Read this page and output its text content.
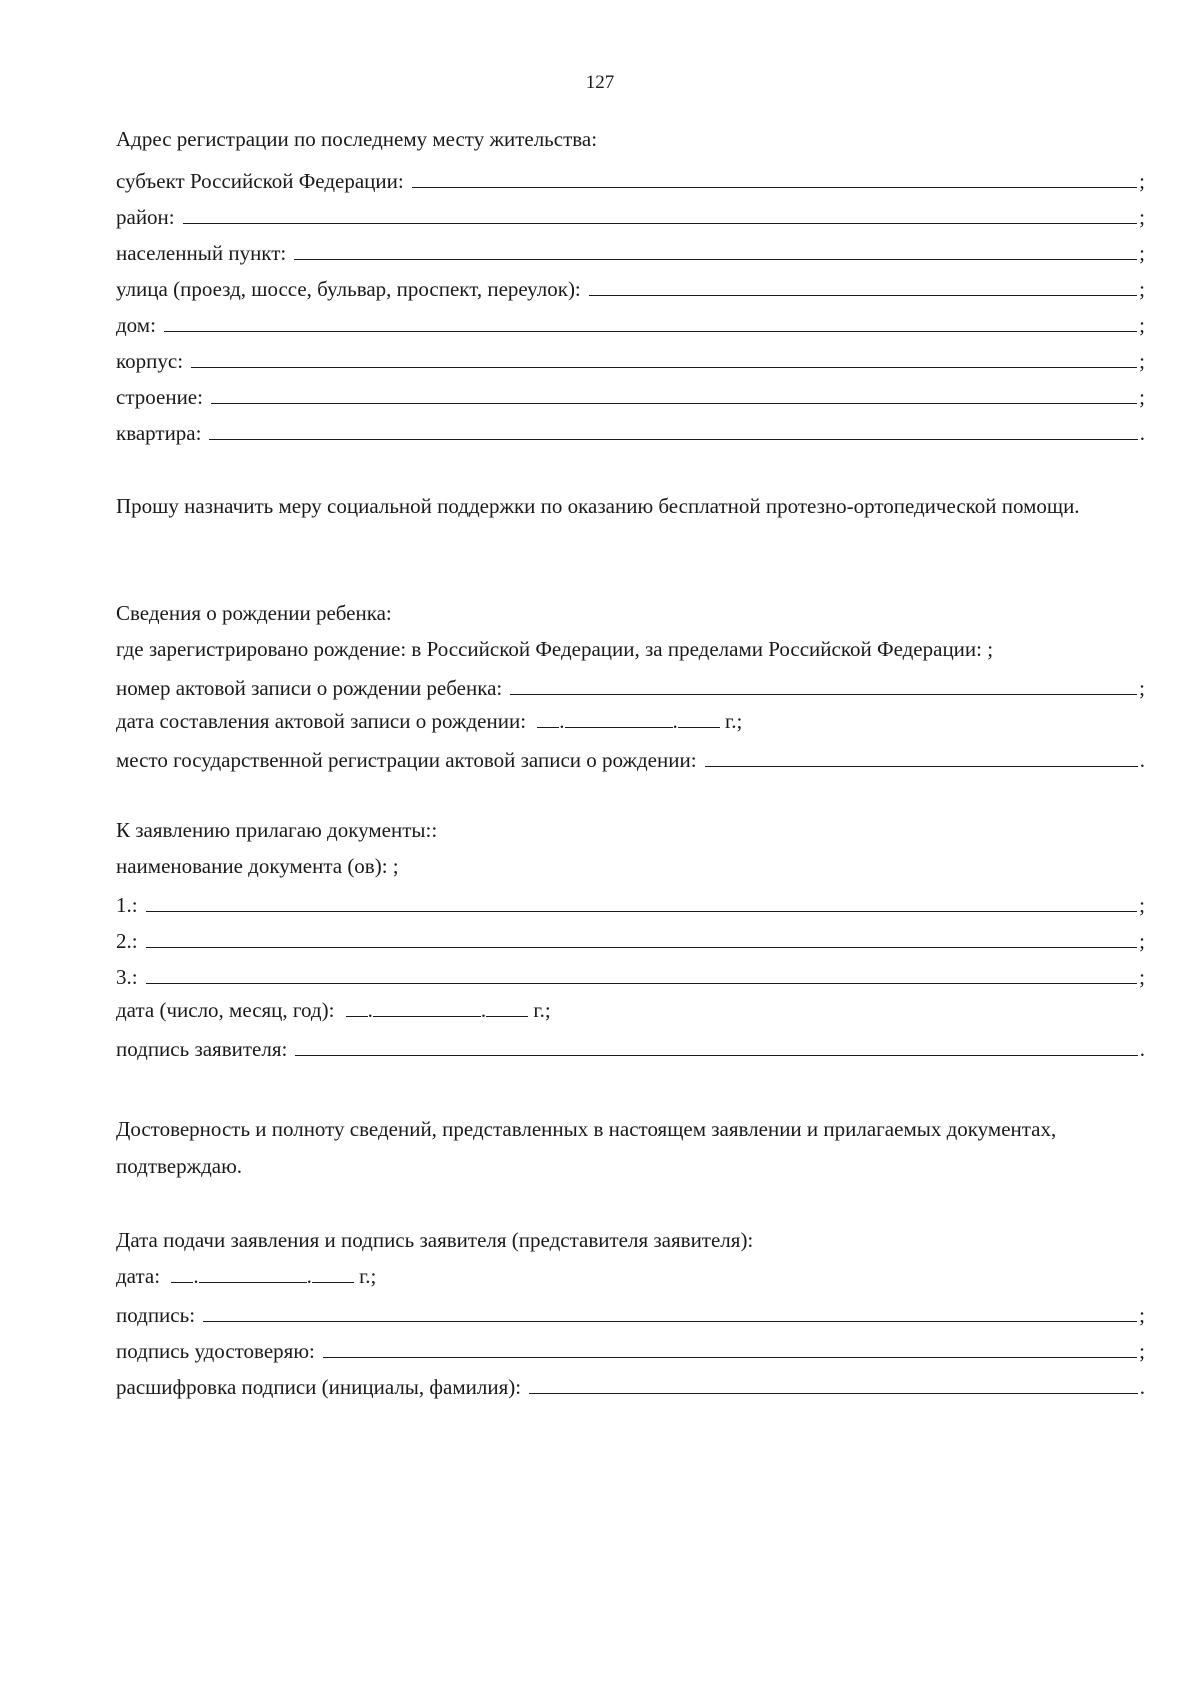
127
Адрес регистрации по последнему месту жительства:
субъект Российской Федерации:	;
район:	;
населенный пункт:	;
улица (проезд, шоссе, бульвар, проспект, переулок):	;
дом:	;
корпус:	;
строение:	;
квартира:	.
Прошу назначить меру социальной поддержки по оказанию бесплатной протезно-ортопедической помощи.
Сведения о рождении ребенка:
где зарегистрировано рождение: в Российской Федерации, за пределами Российской Федерации: ;
номер актовой записи о рождении ребенка:	;
дата составления актовой записи о рождении: .	. г.;
место государственной регистрации актовой записи о рождении:	.
К заявлению прилагаю документы::
наименование документа (ов): ;
1.:	;
2.:	;
3.:	;
дата (число, месяц, год): .	. г.;
подпись заявителя:	.
Достоверность и полноту сведений, представленных в настоящем заявлении и прилагаемых документах, подтверждаю.
Дата подачи заявления и подпись заявителя (представителя заявителя):
дата: .	. г.;
подпись:	;
подпись удостоверяю:	;
расшифровка подписи (инициалы, фамилия):	.
